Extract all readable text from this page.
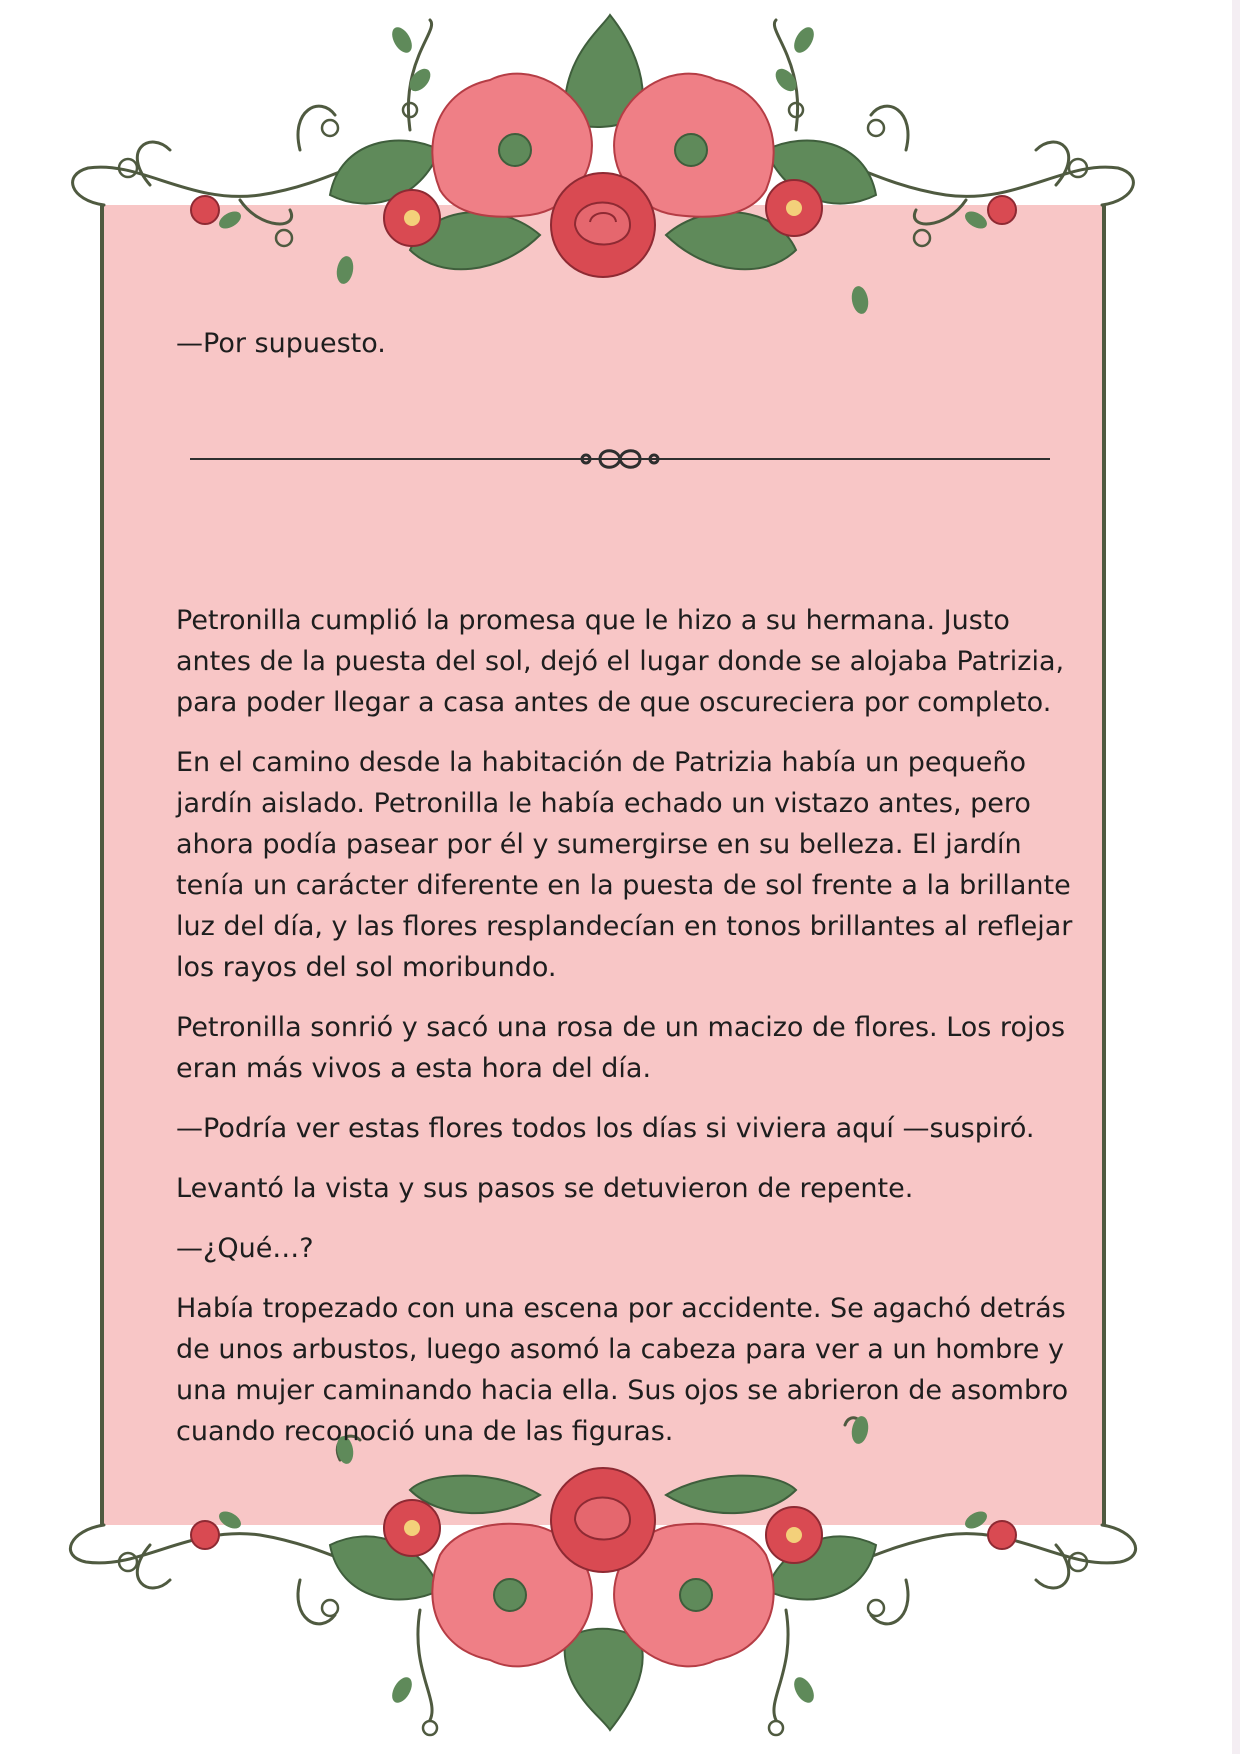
—Por supuesto.

Petronilla cumplió la promesa que le hizo a su hermana. Justo antes de la puesta del sol, dejó el lugar donde se alojaba Patrizia, para poder llegar a casa antes de que oscureciera por completo.

En el camino desde la habitación de Patrizia había un pequeño jardín aislado. Petronilla le había echado un vistazo antes, pero ahora podía pasear por él y sumergirse en su belleza. El jardín tenía un carácter diferente en la puesta de sol frente a la brillante luz del día, y las flores resplandecían en tonos brillantes al reflejar los rayos del sol moribundo.

Petronilla sonrió y sacó una rosa de un macizo de flores. Los rojos eran más vivos a esta hora del día.

—Podría ver estas flores todos los días si viviera aquí —suspiró.

Levantó la vista y sus pasos se detuvieron de repente.

—¿Qué…?

Había tropezado con una escena por accidente. Se agachó detrás de unos arbustos, luego asomó la cabeza para ver a un hombre y una mujer caminando hacia ella. Sus ojos se abrieron de asombro cuando reconoció una de las figuras.
